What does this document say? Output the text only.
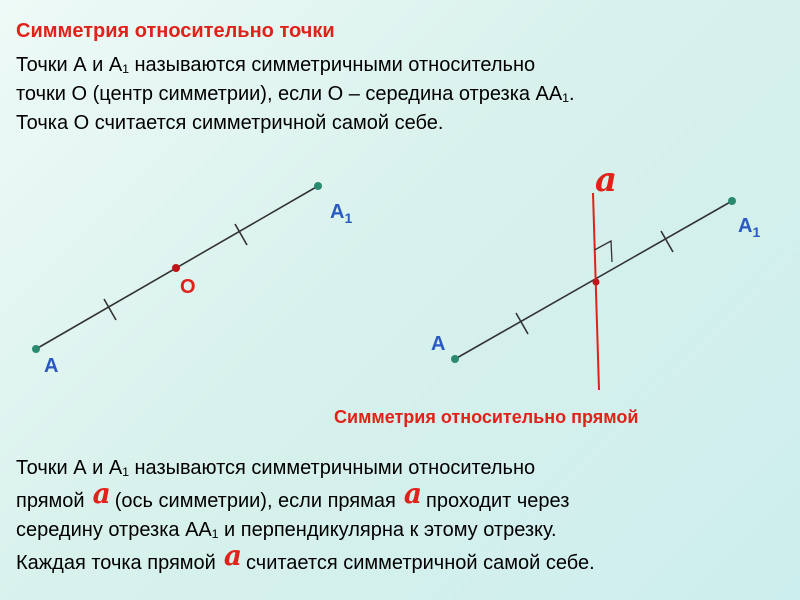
Симметрия относительно точки
Точки А и А₁ называются симметричными относительно
точки О (центр симметрии), если О – середина отрезка АА₁.
Точка О считается симметричной самой себе.
А
$А_1$
О
А
$А_1$
a
Симметрия относительно прямой
Точки А и А₁ называются симметричными относительно
прямой a (ось симметрии), если прямая a проходит через
середину отрезка АА₁ и перпендикулярна к этому отрезку.
Каждая точка прямой a считается симметричной самой себе.
